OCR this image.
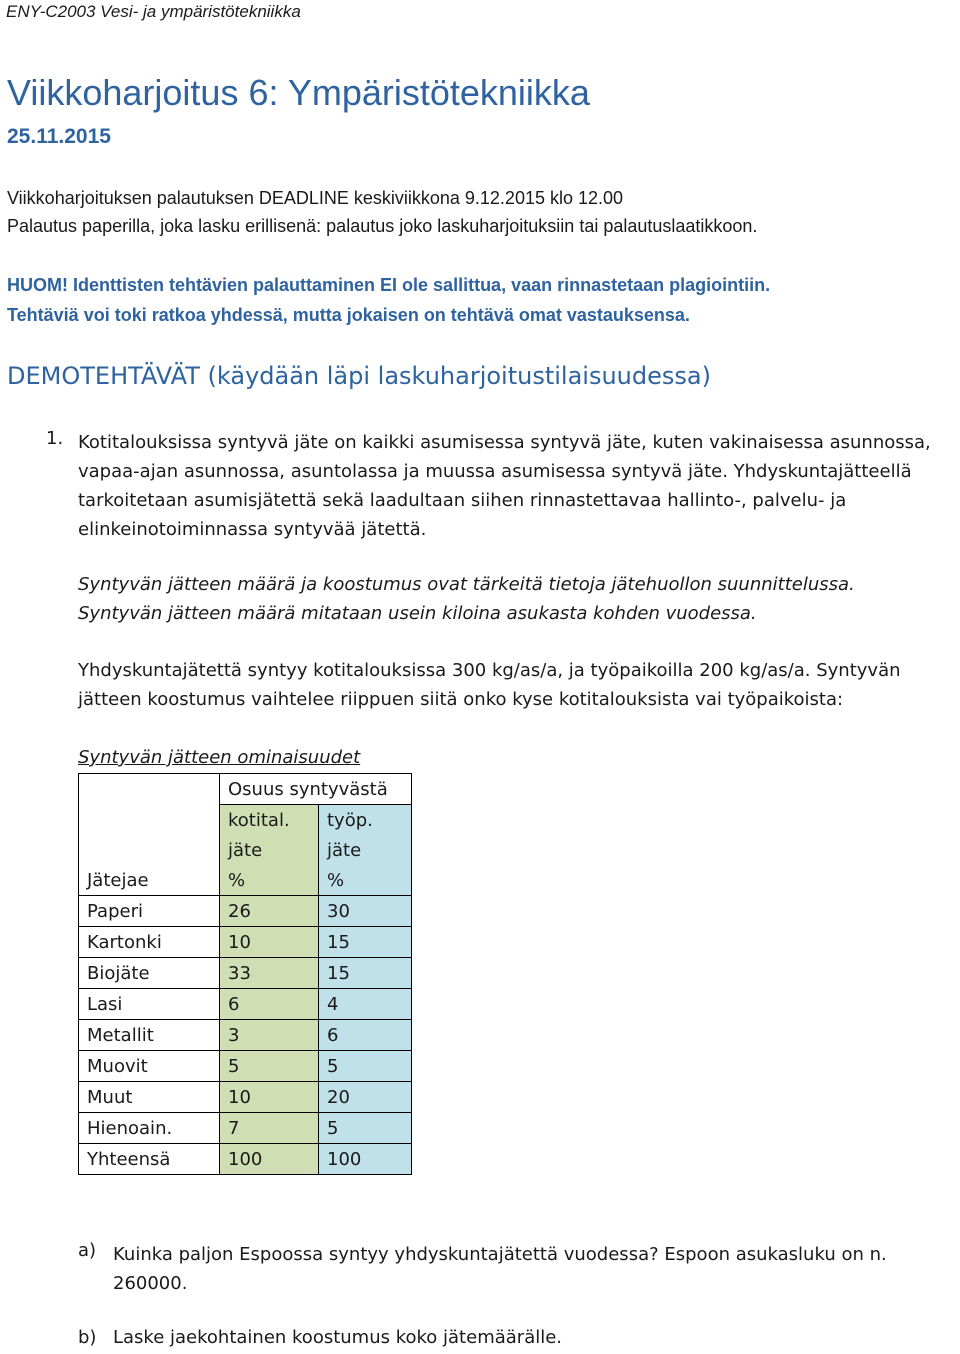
ENY-C2003 Vesi- ja ympäristötekniikka
Viikkoharjoitus 6: Ympäristötekniikka
25.11.2015
Viikkoharjoituksen palautuksen DEADLINE keskiviikkona 9.12.2015 klo 12.00
Palautus paperilla, joka lasku erillisenä: palautus joko laskuharjoituksiin tai palautuslaatikkoon.
HUOM! Identtisten tehtävien palauttaminen EI ole sallittua, vaan rinnastetaan plagiointiin.
Tehtäviä voi toki ratkoa yhdessä, mutta jokaisen on tehtävä omat vastauksensa.
DEMOTEHTÄVÄT (käydään läpi laskuharjoitustilaisuudessa)
1. Kotitalouksissa syntyvä jäte on kaikki asumisessa syntyvä jäte, kuten vakinaisessa asunnossa, vapaa-ajan asunnossa, asuntolassa ja muussa asumisessa syntyvä jäte. Yhdyskuntajätteellä tarkoitetaan asumisjätettä sekä laadultaan siihen rinnastettavaa hallinto-, palvelu- ja elinkeinotoiminnassa syntyvää jätettä.
Syntyvän jätteen määrä ja koostumus ovat tärkeitä tietoja jätehuollon suunnittelussa.
Syntyvän jätteen määrä mitataan usein kiloina asukasta kohden vuodessa.
Yhdyskuntajätettä syntyy kotitalouksissa 300 kg/as/a, ja työpaikoilla 200 kg/as/a. Syntyvän
jätteen koostumus vaihtelee riippuen siitä onko kyse kotitalouksista vai työpaikoista:
Syntyvän jätteen ominaisuudet
	Osuus syntyvästä	
	kotital.	työp.
	jäte	jäte
Jätejae	%	%
Paperi	26	30
Kartonki	10	15
Biojäte	33	15
Lasi	6	4
Metallit	3	6
Muovit	5	5
Muut	10	20
Hienoain.	7	5
Yhteensä	100	100
a) Kuinka paljon Espoossa syntyy yhdyskuntajätettä vuodessa? Espoon asukasluku on n. 260000.
b) Laske jaekohtainen koostumus koko jätemäärälle.
